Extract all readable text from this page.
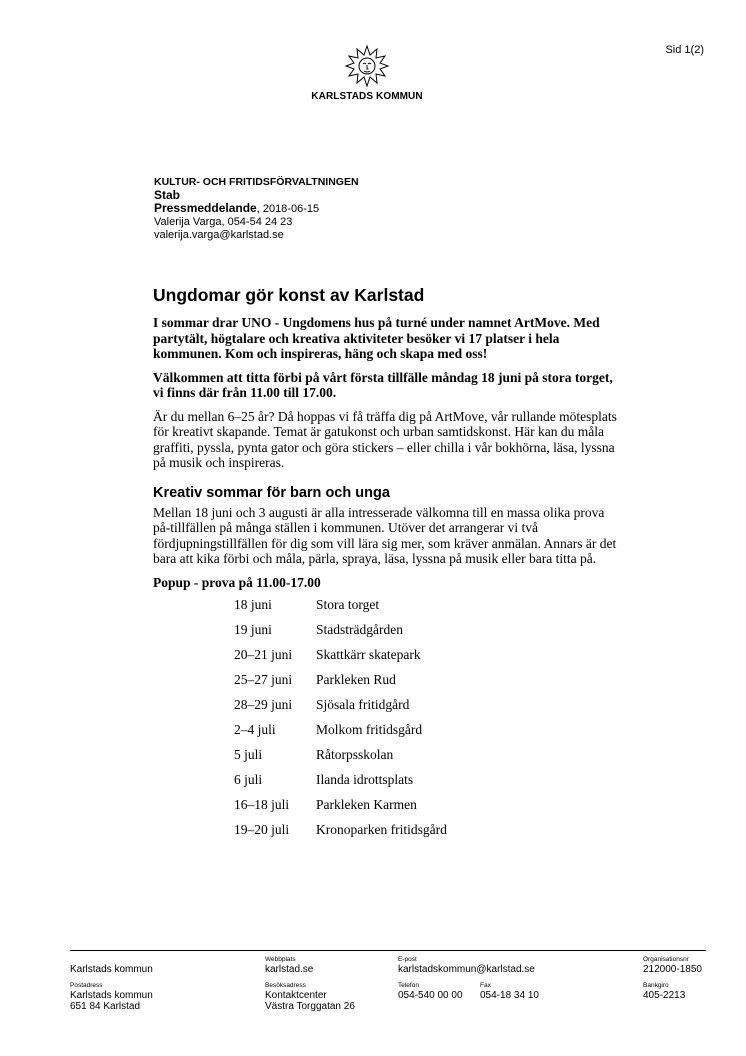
Sid 1(2)
KARLSTADS KOMMUN
KULTUR- OCH FRITIDSFÖRVALTNINGEN
Stab
Pressmeddelande, 2018-06-15
Valerija Varga, 054-54 24 23
valerija.varga@karlstad.se
Ungdomar gör konst av Karlstad

I sommar drar UNO - Ungdomens hus på turné under namnet ArtMove. Med partytält, högtalare och kreativa aktiviteter besöker vi 17 platser i hela kommunen. Kom och inspireras, häng och skapa med oss!

Välkommen att titta förbi på vårt första tillfälle måndag 18 juni på stora torget, vi finns där från 11.00 till 17.00.

Är du mellan 6–25 år? Då hoppas vi få träffa dig på ArtMove, vår rullande mötesplats för kreativt skapande. Temat är gatukonst och urban samtidskonst. Här kan du måla graffiti, pyssla, pynta gator och göra stickers – eller chilla i vår bokhörna, läsa, lyssna på musik och inspireras.

Kreativ sommar för barn och unga

Mellan 18 juni och 3 augusti är alla intresserade välkomna till en massa olika prova på-tillfällen på många ställen i kommunen. Utöver det arrangerar vi två fördjupningstillfällen för dig som vill lära sig mer, som kräver anmälan. Annars är det bara att kika förbi och måla, pärla, spraya, läsa, lyssna på musik eller bara titta på.

Popup - prova på 11.00-17.00
18 juni	Stora torget
19 juni	Stadsträdgården
20–21 juni	Skattkärr skatepark
25–27 juni	Parkleken Rud
28–29 juni	Sjösala fritidgård
2–4 juli	Molkom fritidsgård
5 juli	Råtorpsskolan
6 juli	Ilanda idrottsplats
16–18 juli	Parkleken Karmen
19–20 juli	Kronoparken fritidsgård
Karlstads kommun
Postadress
Karlstads kommun
651 84 Karlstad
Webbplats
karlstad.se
Besöksadress
Kontaktcenter
Västra Torggatan 26
E-post
karlstadskommun@karlstad.se
Telefon
054-540 00 00
Fax
054-18 34 10
Organisationsnr
212000-1850
Bankgiro
405-2213
